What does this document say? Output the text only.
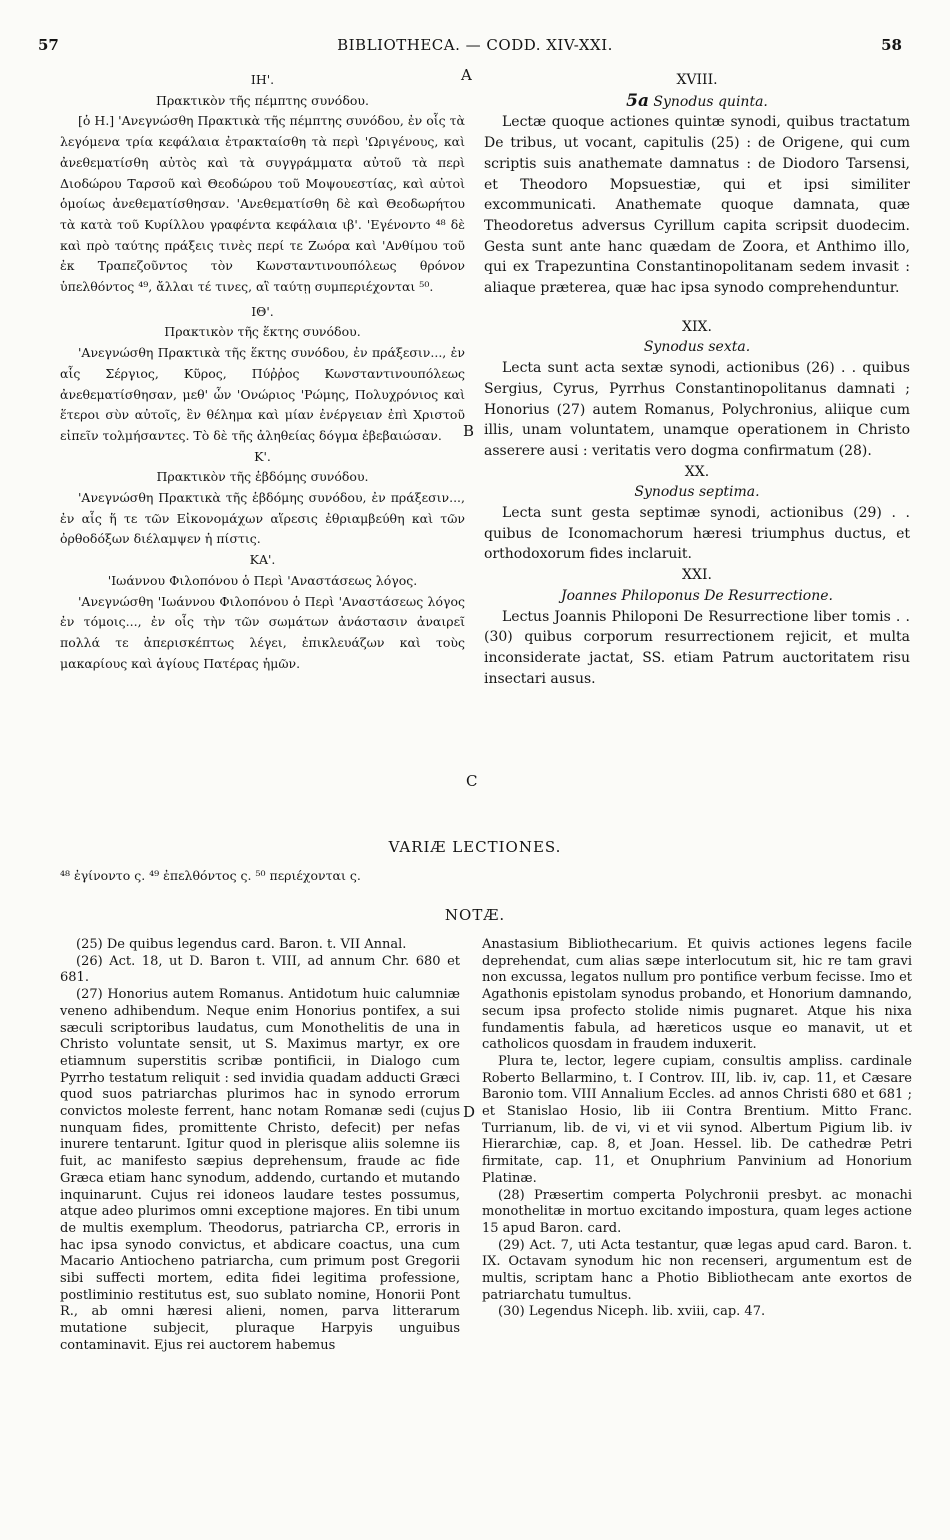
57	BIBLIOTHECA. — CODD. XIV-XXI.	58
ΙΗ'.
Πρακτικὸν τῆς πέμπτης συνόδου.

[ὁ Η.] 'Ανεγνώσθη Πρακτικὰ τῆς πέμπτης συνόδου, ἐν οἷς τὰ λεγόμενα τρία κεφάλαια ἐτρακταίσθη τὰ περὶ 'Ωριγένους, καὶ ἀνεθεματίσθη αὐτὸς καὶ τὰ συγγράμματα αὐτοῦ τὰ περὶ Διοδώρου Ταρσοῦ καὶ Θεοδώρου τοῦ Μοψουεστίας, καὶ αὐτοὶ ὁμοίως ἀνεθεματίσθησαν. 'Ανεθεματίσθη δὲ καὶ Θεοδωρήτου τὰ κατὰ τοῦ Κυρίλλου γραφέντα κεφάλαια ιβ'. 'Εγένοντο ⁴⁸ δὲ καὶ πρὸ ταύτης πράξεις τινὲς περί τε Ζωόρα καὶ 'Ανθίμου τοῦ ἐκ Τραπεζοῦντος τὸν Κωνσταντινουπόλεως θρόνον ὑπελθόντος ⁴⁹, ἄλλαι τέ τινες, αἳ ταύτῃ συμπεριέχονται ⁵⁰.

ΙΘ'.
Πρακτικὸν τῆς ἕκτης συνόδου.

'Ανεγνώσθη Πρακτικὰ τῆς ἕκτης συνόδου, ἐν πράξεσιν..., ἐν αἷς Σέργιος, Κῦρος, Πύῤῥος Κωνσταντινουπόλεως ἀνεθεματίσθησαν, μεθ' ὧν 'Ονώριος 'Ρώμης, Πολυχρόνιος καὶ ἕτεροι σὺν αὐτοῖς, ἓν θέλημα καὶ μίαν ἐνέργειαν ἐπὶ Χριστοῦ εἰπεῖν τολμήσαντες. Τὸ δὲ τῆς ἀληθείας δόγμα ἐβεβαιώσαν.

Κ'.
Πρακτικὸν τῆς ἑβδόμης συνόδου.

'Ανεγνώσθη Πρακτικὰ τῆς ἑβδόμης συνόδου, ἐν πράξεσιν..., ἐν αἷς ἥ τε τῶν Εἰκονομάχων αἵρεσις ἐθριαμβεύθη καὶ τῶν ὀρθοδόξων διέλαμψεν ἡ πίστις.

ΚΑ'.
'Ιωάννου Φιλοπόνου ὁ Περὶ 'Αναστάσεως λόγος.

'Ανεγνώσθη 'Ιωάννου Φιλοπόνου ὁ Περὶ 'Αναστάσεως λόγος ἐν τόμοις..., ἐν οἷς τὴν τῶν σωμάτων ἀνάστασιν ἀναιρεῖ πολλά τε ἀπερισκέπτως λέγει, ἐπικλευάζων καὶ τοὺς μακαρίους καὶ ἁγίους Πατέρας ἡμῶν.

A
B
C
D
XVIII.
5a Synodus quinta.

Lectæ quoque actiones quintæ synodi, quibus tractatum De tribus, ut vocant, capitulis (25) : de Origene, qui cum scriptis suis anathemate damnatus : de Diodoro Tarsensi, et Theodoro Mopsuestiæ, qui et ipsi similiter excommunicati. Anathemate quoque damnata, quæ Theodoretus adversus Cyrillum capita scripsit duodecim. Gesta sunt ante hanc quædam de Zoora, et Anthimo illo, qui ex Trapezuntina Constantinopolitanam sedem invasit : aliaque præterea, quæ hac ipsa synodo comprehenduntur.

XIX.
Synodus sexta.

Lecta sunt acta sextæ synodi, actionibus (26) . . quibus Sergius, Cyrus, Pyrrhus Constantinopolitanus damnati ; Honorius (27) autem Romanus, Polychronius, aliique cum illis, unam voluntatem, unamque operationem in Christo asserere ausi : veritatis vero dogma confirmatum (28).

XX.
Synodus septima.

Lecta sunt gesta septimæ synodi, actionibus (29) . . quibus de Iconomachorum hæresi triumphus ductus, et orthodoxorum fides inclaruit.

XXI.
Joannes Philoponus De Resurrectione.

Lectus Joannis Philoponi De Resurrectione liber tomis . . (30) quibus corporum resurrectionem rejicit, et multa inconsiderate jactat, SS. etiam Patrum auctoritatem risu insectari ausus.

VARIÆ LECTIONES.
⁴⁸ ἐγίνοντο ς. ⁴⁹ ἐπελθόντος ς. ⁵⁰ περιέχονται ς.
NOTÆ.

(25) De quibus legendus card. Baron. t. VII Annal.

(26) Act. 18, ut D. Baron t. VIII, ad annum Chr. 680 et 681.

(27) Honorius autem Romanus. Antidotum huic calumniæ veneno adhibendum. Neque enim Honorius pontifex, a sui sæculi scriptoribus laudatus, cum Monothelitis de una in Christo voluntate sensit, ut S. Maximus martyr, ex ore etiamnum superstitis scribæ pontificii, in Dialogo cum Pyrrho testatum reliquit : sed invidia quadam adducti Græci quod suos patriarchas plurimos hac in synodo errorum convictos moleste ferrent, hanc notam Romanæ sedi (cujus nunquam fides, promittente Christo, defecit) per nefas inurere tentarunt. Igitur quod in plerisque aliis solemne iis fuit, ac manifesto sæpius deprehensum, fraude ac fide Græca etiam hanc synodum, addendo, curtando et mutando inquinarunt. Cujus rei idoneos laudare testes possumus, atque adeo plurimos omni exceptione majores. En tibi unum de multis exemplum. Theodorus, patriarcha CP., erroris in hac ipsa synodo convictus, et abdicare coactus, una cum Macario Antiocheno patriarcha, cum primum post Gregorii sibi suffecti mortem, edita fidei legitima professione, postliminio restitutus est, suo sublato nomine, Honorii Pont R., ab omni hæresi alieni, nomen, parva litterarum mutatione subjecit, pluraque Harpyis unguibus contaminavit. Ejus rei auctorem habemus

Anastasium Bibliothecarium. Et quivis actiones legens facile deprehendat, cum alias sæpe interlocutum sit, hic re tam gravi non excussa, legatos nullum pro pontifice verbum fecisse. Imo et Agathonis epistolam synodus probando, et Honorium damnando, secum ipsa profecto stolide nimis pugnaret. Atque his nixa fundamentis fabula, ad hæreticos usque eo manavit, ut et catholicos quosdam in fraudem induxerit.

Plura te, lector, legere cupiam, consultis ampliss. cardinale Roberto Bellarmino, t. I Controv. III, lib. iv, cap. 11, et Cæsare Baronio tom. VIII Annalium Eccles. ad annos Christi 680 et 681 ; et Stanislao Hosio, lib iii Contra Brentium. Mitto Franc. Turrianum, lib. de vi, vi et vii synod. Albertum Pigium lib. iv Hierarchiæ, cap. 8, et Joan. Hessel. lib. De cathedræ Petri firmitate, cap. 11, et Onuphrium Panvinium ad Honorium Platinæ.

(28) Præsertim comperta Polychronii presbyt. ac monachi monothelitæ in mortuo excitando impostura, quam leges actione 15 apud Baron. card.

(29) Act. 7, uti Acta testantur, quæ legas apud card. Baron. t. IX. Octavam synodum hic non recenseri, argumentum est de multis, scriptam hanc a Photio Bibliothecam ante exortos de patriarchatu tumultus.

(30) Legendus Niceph. lib. xviii, cap. 47.
